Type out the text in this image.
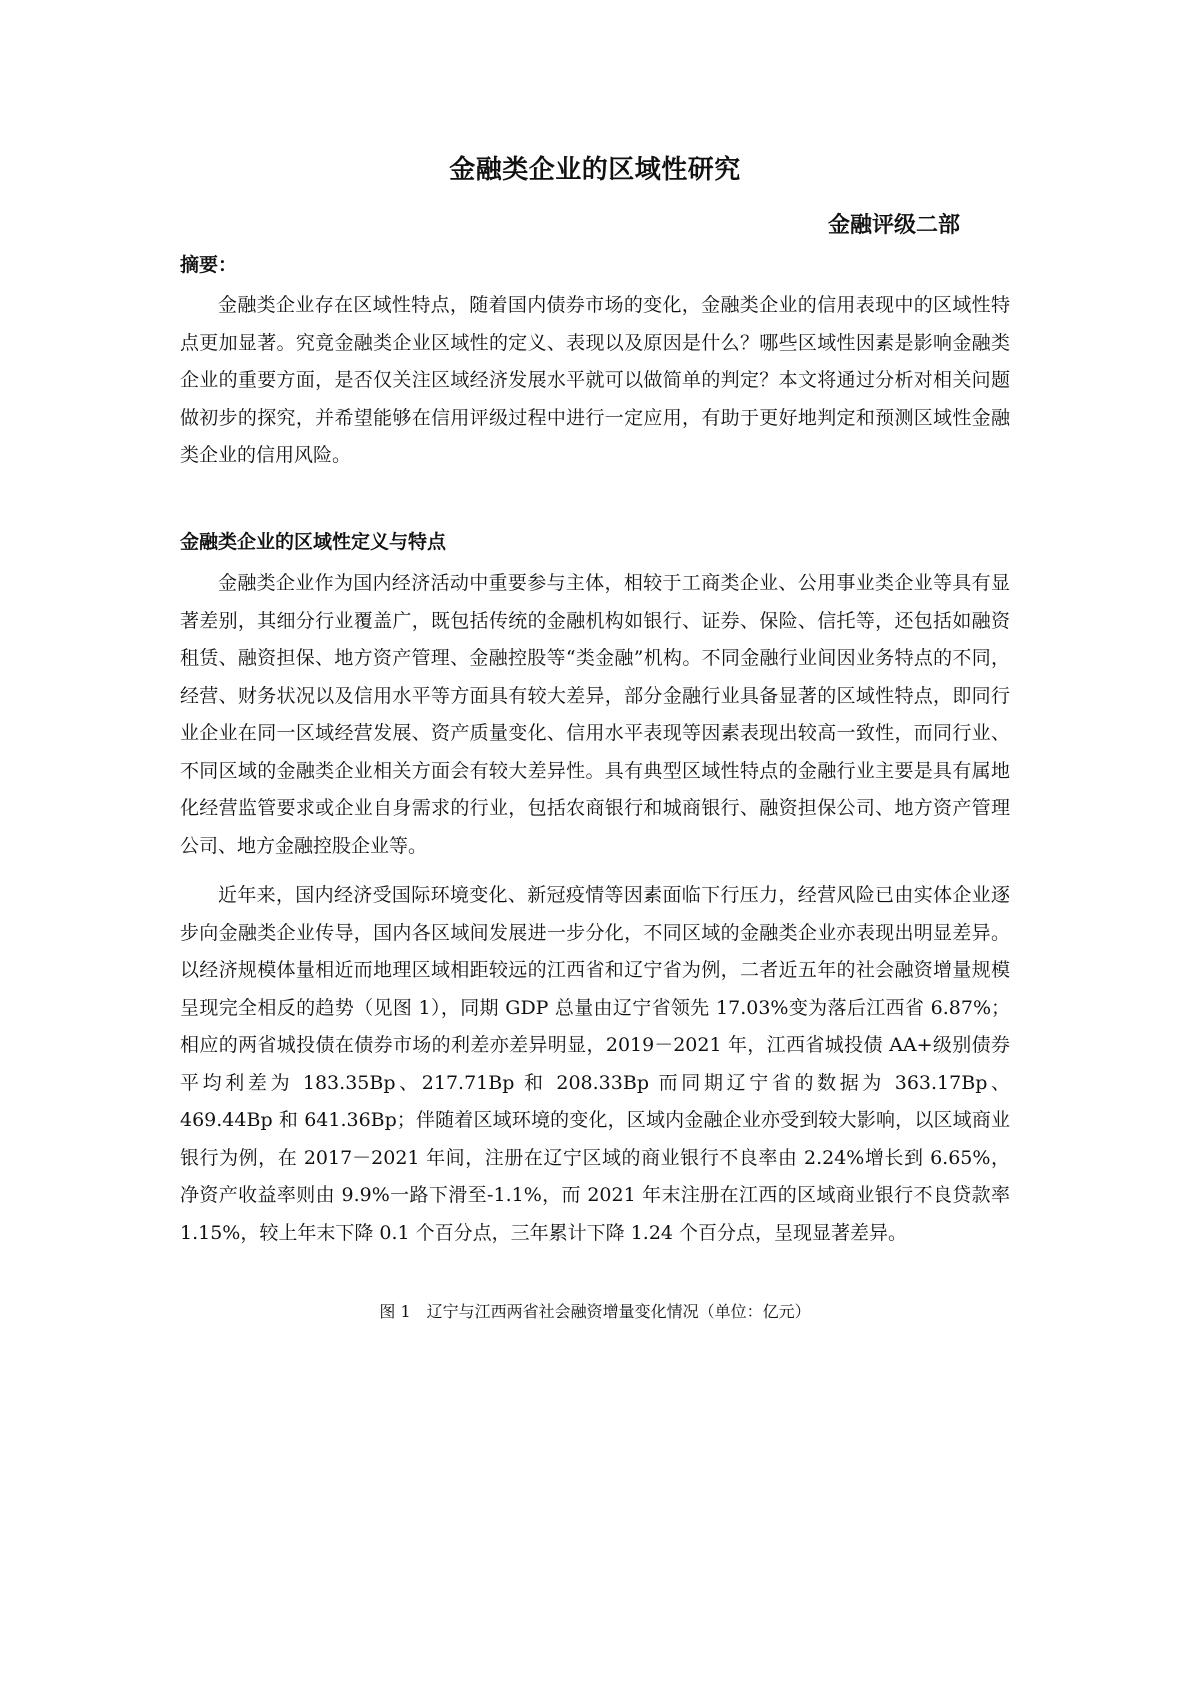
金融类企业的区域性研究
金融评级二部
摘要：

金融类企业存在区域性特点，随着国内债券市场的变化，金融类企业的信用表现中的区域性特点更加显著。究竟金融类企业区域性的定义、表现以及原因是什么？哪些区域性因素是影响金融类企业的重要方面，是否仅关注区域经济发展水平就可以做简单的判定？本文将通过分析对相关问题做初步的探究，并希望能够在信用评级过程中进行一定应用，有助于更好地判定和预测区域性金融类企业的信用风险。

金融类企业的区域性定义与特点

金融类企业作为国内经济活动中重要参与主体，相较于工商类企业、公用事业类企业等具有显著差别，其细分行业覆盖广，既包括传统的金融机构如银行、证券、保险、信托等，还包括如融资租赁、融资担保、地方资产管理、金融控股等“类金融”机构。不同金融行业间因业务特点的不同，经营、财务状况以及信用水平等方面具有较大差异，部分金融行业具备显著的区域性特点，即同行业企业在同一区域经营发展、资产质量变化、信用水平表现等因素表现出较高一致性，而同行业、不同区域的金融类企业相关方面会有较大差异性。具有典型区域性特点的金融行业主要是具有属地化经营监管要求或企业自身需求的行业，包括农商银行和城商银行、融资担保公司、地方资产管理公司、地方金融控股企业等。

近年来，国内经济受国际环境变化、新冠疫情等因素面临下行压力，经营风险已由实体企业逐步向金融类企业传导，国内各区域间发展进一步分化，不同区域的金融类企业亦表现出明显差异。以经济规模体量相近而地理区域相距较远的江西省和辽宁省为例，二者近五年的社会融资增量规模呈现完全相反的趋势（见图 1），同期 GDP 总量由辽宁省领先 17.03%变为落后江西省 6.87%；相应的两省城投债在债券市场的利差亦差异明显，2019－2021 年，江西省城投债 AA+级别债券平均利差为 183.35Bp、217.71Bp 和 208.33Bp 而同期辽宁省的数据为 363.17Bp、469.44Bp 和 641.36Bp；伴随着区域环境的变化，区域内金融企业亦受到较大影响，以区域商业银行为例，在 2017－2021 年间，注册在辽宁区域的商业银行不良率由 2.24%增长到 6.65%，净资产收益率则由 9.9%一路下滑至-1.1%，而 2021 年末注册在江西的区域商业银行不良贷款率 1.15%，较上年末下降 0.1 个百分点，三年累计下降 1.24 个百分点，呈现显著差异。

图 1　辽宁与江西两省社会融资增量变化情况（单位：亿元）
